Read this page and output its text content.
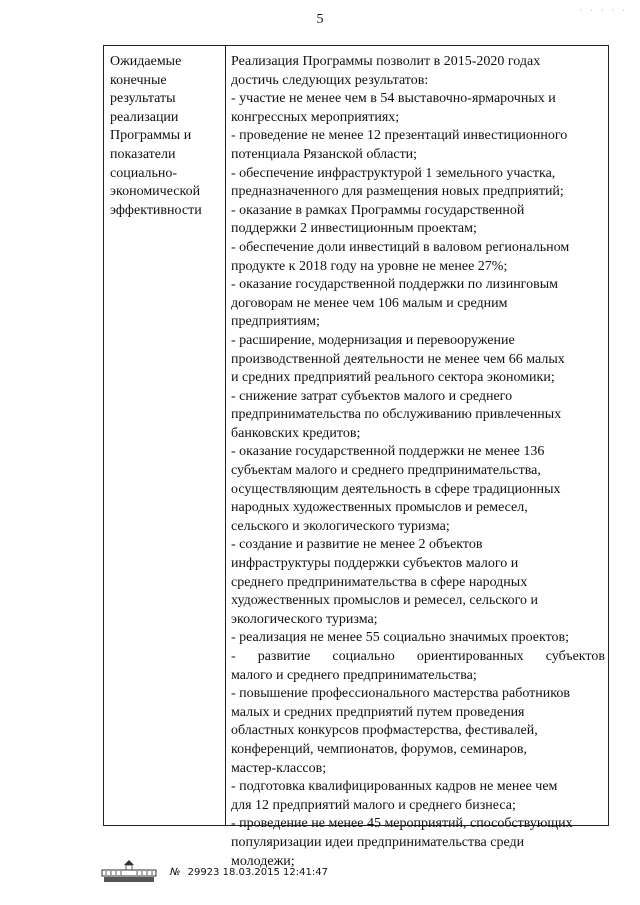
5
· · · · ·
Ожидаемые
конечные
результаты
реализации
Программы и
показатели
социально-
экономической
эффективности
Реализация Программы позволит в 2015-2020 годах
достичь следующих результатов:
- участие не менее чем в 54 выставочно-ярмарочных и
конгрессных мероприятиях;
- проведение не менее 12 презентаций инвестиционного
потенциала Рязанской области;
- обеспечение инфраструктурой 1 земельного участка,
предназначенного для размещения новых предприятий;
- оказание в рамках Программы государственной
поддержки 2 инвестиционным проектам;
- обеспечение доли инвестиций в валовом региональном
продукте к 2018 году на уровне не менее 27%;
- оказание государственной поддержки по лизинговым
договорам не менее чем 106 малым и средним
предприятиям;
- расширение, модернизация и перевооружение
производственной деятельности не менее чем 66 малых
и средних предприятий реального сектора экономики;
- снижение затрат субъектов малого и среднего
предпринимательства по обслуживанию привлеченных
банковских кредитов;
- оказание государственной поддержки не менее 136
субъектам малого и среднего предпринимательства,
осуществляющим деятельность в сфере традиционных
народных художественных промыслов и ремесел,
сельского и экологического туризма;
- создание и развитие не менее 2 объектов
инфраструктуры поддержки субъектов малого и
среднего предпринимательства в сфере народных
художественных промыслов и ремесел, сельского и
экологического туризма;
- реализация не менее 55 социально значимых проектов;
- развитие социально ориентированных субъектов
малого и среднего предпринимательства;
- повышение профессионального мастерства работников
малых и средних предприятий путем проведения
областных конкурсов профмастерства, фестивалей,
конференций, чемпионатов, форумов, семинаров,
мастер-классов;
- подготовка квалифицированных кадров не менее чем
для 12 предприятий малого и среднего бизнеса;
- проведение не менее 45 мероприятий, способствующих
популяризации идеи предпринимательства среди
молодежи;
№ 29923 18.03.2015 12:41:47
